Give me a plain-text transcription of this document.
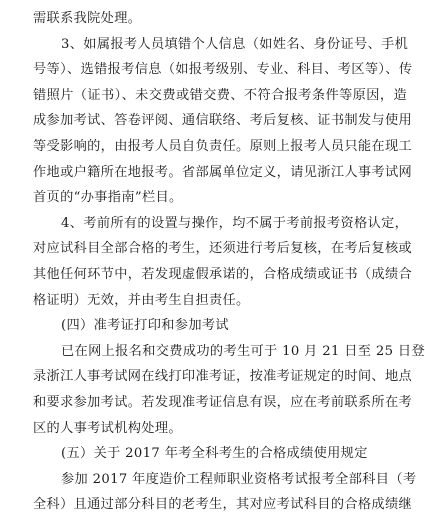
需联系我院处理。
3、如属报考人员填错个人信息（如姓名、身份证号、手机
号等）、选错报考信息（如报考级别、专业、科目、考区等）、传
错照片（证书）、未交费或错交费、不符合报考条件等原因，造
成参加考试、答卷评阅、通信联络、考后复核、证书制发与使用
等受影响的，由报考人员自负责任。原则上报考人员只能在现工
作地或户籍所在地报考。省部属单位定义，请见浙江人事考试网
首页的“办事指南”栏目。
4、考前所有的设置与操作，均不属于考前报考资格认定，
对应试科目全部合格的考生，还须进行考后复核，在考后复核或
其他任何环节中，若发现虚假承诺的，合格成绩或证书（成绩合
格证明）无效，并由考生自担责任。
(四）准考证打印和参加考试
已在网上报名和交费成功的考生可于 10 月 21 日至 25 日登
录浙江人事考试网在线打印准考证，按准考证规定的时间、地点
和要求参加考试。若发现准考证信息有误，应在考前联系所在考
区的人事考试机构处理。
(五）关于 2017 年考全科考生的合格成绩使用规定
参加 2017 年度造价工程师职业资格考试报考全部科目（考
全科）且通过部分科目的老考生，其对应考试科目的合格成绩继
